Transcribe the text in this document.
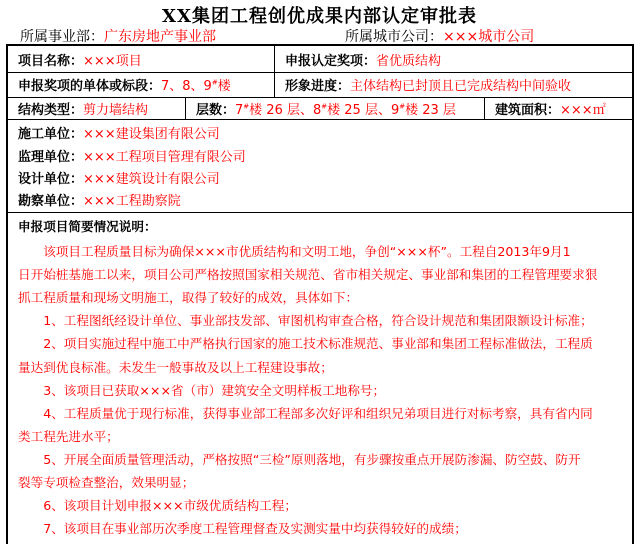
XX集团工程创优成果内部认定审批表
所属事业部：广东房地产事业部	所属城市公司：×××城市公司
项目名称： ×××项目	申报认定奖项： 省优质结构
申报奖项的单体或标段： 7、8、9#楼	形象进度： 主体结构已封顶且已完成结构中间验收
结构类型： 剪力墙结构	层数： 7#楼 26 层、8#楼 25 层、9#楼 23 层	建筑面积： ×××㎡
施工单位：×××建设集团有限公司
监理单位：×××工程项目管理有限公司
设计单位：×××建筑设计有限公司
勘察单位：×××工程勘察院
申报项目简要情况说明：
　　该项目工程质量目标为确保×××市优质结构和文明工地，争创“×××杯”。工程自2013年9月1
日开始桩基施工以来，项目公司严格按照国家相关规范、省市相关规定、事业部和集团的工程管理要求狠
抓工程质量和现场文明施工，取得了较好的成效，具体如下：
　　1、工程图纸经设计单位、事业部技发部、审图机构审查合格，符合设计规范和集团限额设计标准；
　　2、项目实施过程中施工中严格执行国家的施工技术标准规范、事业部和集团工程标准做法，工程质
量达到优良标准。未发生一般事故及以上工程建设事故；
　　3、该项目已获取×××省（市）建筑安全文明样板工地称号；
　　4、工程质量优于现行标准，获得事业部工程部多次好评和组织兄弟项目进行对标考察，具有省内同
类工程先进水平；
　　5、开展全面质量管理活动，严格按照“三检”原则落地，有步骤按重点开展防渗漏、防空鼓、防开
裂等专项检查整治，效果明显；
　　6、该项目计划申报×××市级优质结构工程；
　　7、该项目在事业部历次季度工程管理督查及实测实量中均获得较好的成绩；
